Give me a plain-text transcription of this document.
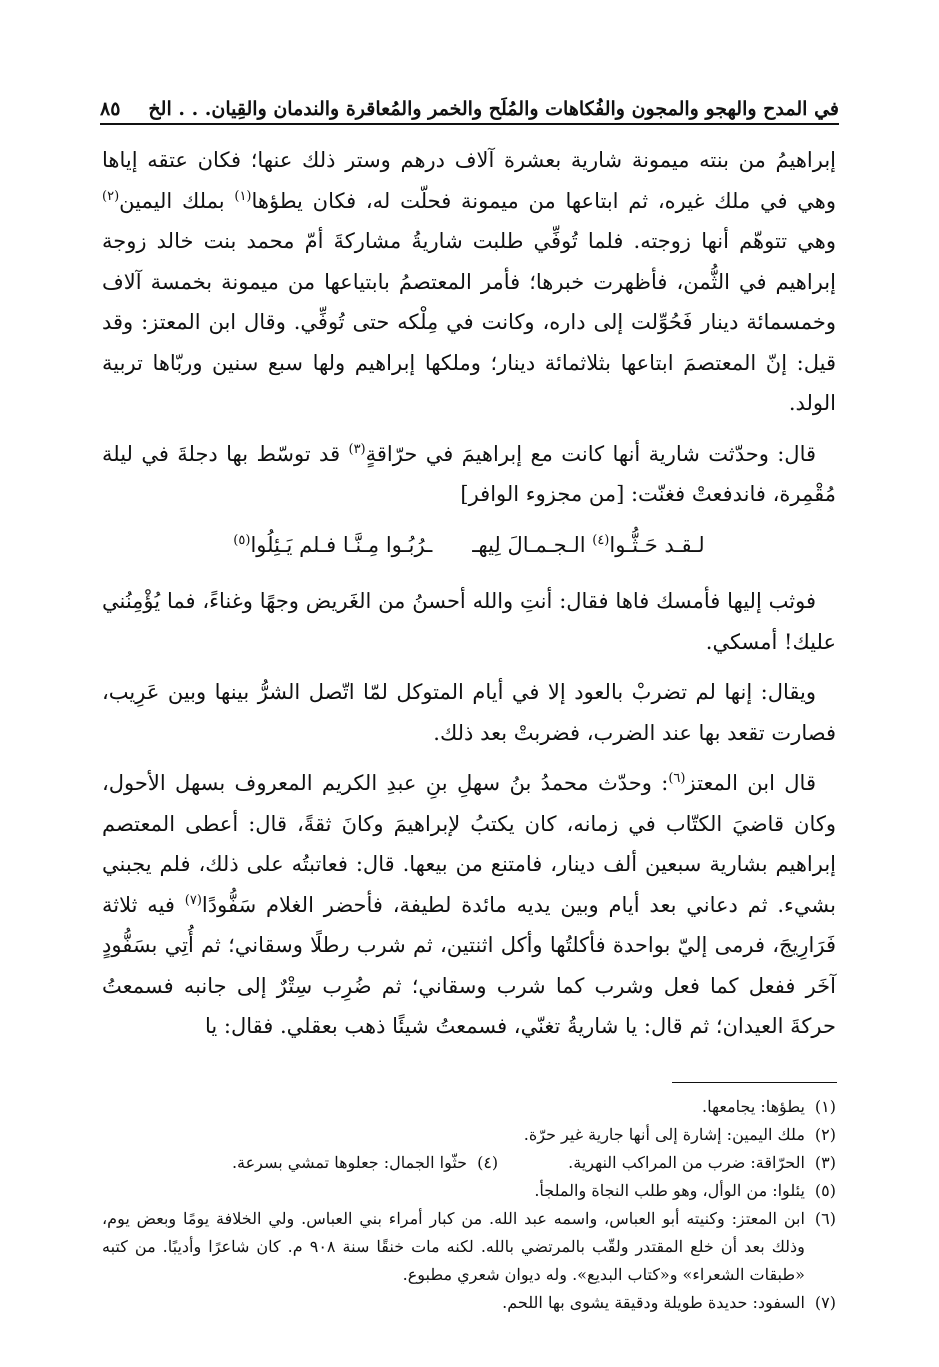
في المدح والهجو والمجون والفُكاهات والمُلَح والخمر والمُعاقرة والندمان والقِيان. . . الخ
٨٥

إبراهيمُ من بنته ميمونة شارية بعشرة آلاف درهم وستر ذلك عنها؛ فكان عتقه إياها وهي في ملك غيره، ثم ابتاعها من ميمونة فحلّت له، فكان يطؤها$^{(١)}$ بملك اليمين$^{(٢)}$ وهي تتوهّم أنها زوجته. فلما تُوفِّي طلبت شاريةُ مشاركةَ أمّ محمد بنت خالد زوجة إبراهيم في الثُّمن، فأظهرت خبرها؛ فأمر المعتصمُ بابتياعها من ميمونة بخمسة آلاف وخمسمائة دينار فَحُوِّلت إلى داره، وكانت في مِلْكه حتى تُوفِّي. وقال ابن المعتز: وقد قيل: إنّ المعتصمَ ابتاعها بثلاثمائة دينار؛ وملكها إبراهيم ولها سبع سنين وربّاها تربية الولد.

قال: وحدّثت شارية أنها كانت مع إبراهيمَ في حرّاقةٍ$^{(٣)}$ قد توسّط بها دجلةَ في ليلة مُقْمِرة، فاندفعتْ فغنّت: [من مجزوء الوافر]

لـقـد حَـثُّـوا$^{(٤)}$ الـجـمـالَ لِيهـ
ـرُبُـوا مِـنَّـا فـلم يَـئِلُوا$^{(٥)}$

فوثب إليها فأمسك فاها فقال: أنتِ والله أحسنُ من الغَريض وجهًا وغناءً، فما يُؤْمِنُني عليك! أمسكي.

ويقال: إنها لم تضربْ بالعود إلا في أيام المتوكل لمّا اتّصل الشرُّ بينها وبين عَرِيب، فصارت تقعد بها عند الضرب، فضربتْ بعد ذلك.

قال ابن المعتز$^{(٦)}$: وحدّث محمدُ بنُ سهلِ بنِ عبدِ الكريم المعروف بسهل الأحول، وكان قاضيَ الكتّاب في زمانه، كان يكتبُ لإبراهيمَ وكانَ ثقةً، قال: أعطى المعتصم إبراهيم بشارية سبعين ألف دينار، فامتنع من بيعها. قال: فعاتبتُه على ذلك، فلم يجبني بشيء. ثم دعاني بعد أيام وبين يديه مائدة لطيفة، فأحضر الغلام سَفُّودًا$^{(٧)}$ فيه ثلاثة فَرَارِيجَ، فرمى إليّ بواحدة فأكلتُها وأكل اثنتين، ثم شرب رطلًا وسقاني؛ ثم أُتِي بسَفُّودٍ آخَر ففعل كما فعل وشرب كما شرب وسقاني؛ ثم ضُرِب سِتْرٌ إلى جانبه فسمعتُ حركةَ العيدان؛ ثم قال: يا شاريةُ تغنّي، فسمعتُ شيئًا ذهب بعقلي. فقال: يا

(١)
يطؤها: يجامعها.
(٢)
ملك اليمين: إشارة إلى أنها جارية غير حرّة.
(٣)
الحرّاقة: ضرب من المراكب النهرية.
(٤)
حثّوا الجمال: جعلوها تمشي بسرعة.
(٥)
يئلوا: من الوأل، وهو طلب النجاة والملجأ.
(٦)
ابن المعتز: وكنيته أبو العباس، واسمه عبد الله. من كبار أمراء بني العباس. ولي الخلافة يومًا وبعض يوم، وذلك بعد أن خلع المقتدر ولقّب بالمرتضي بالله. لكنه مات خنقًا سنة ٩٠٨ م. كان شاعرًا وأديبًا. من كتبه «طبقات الشعراء» و«كتاب البديع». وله ديوان شعري مطبوع.
(٧)
السفود: حديدة طويلة ودقيقة يشوى بها اللحم.
